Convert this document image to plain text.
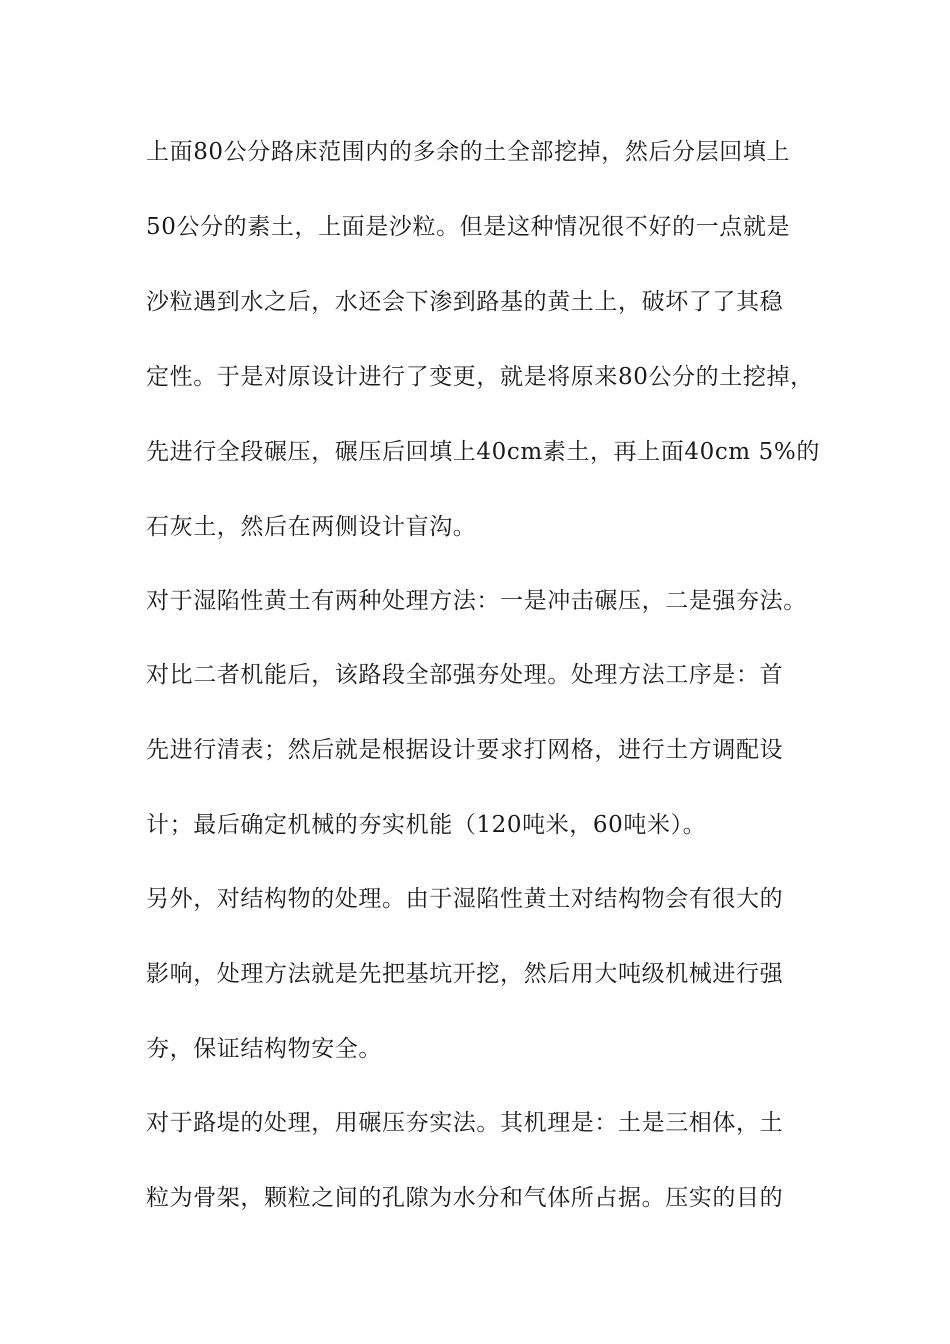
上面80公分路床范围内的多余的土全部挖掉，然后分层回填上
50公分的素土，上面是沙粒。但是这种情况很不好的一点就是
沙粒遇到水之后，水还会下渗到路基的黄土上，破坏了了其稳
定性。于是对原设计进行了变更，就是将原来80公分的土挖掉，
先进行全段碾压，碾压后回填上40cm素土，再上面40cm 5%的
石灰土，然后在两侧设计盲沟。
对于湿陷性黄土有两种处理方法：一是冲击碾压，二是强夯法。
对比二者机能后，该路段全部强夯处理。处理方法工序是：首
先进行清表；然后就是根据设计要求打网格，进行土方调配设
计；最后确定机械的夯实机能（120吨米，60吨米）。
另外，对结构物的处理。由于湿陷性黄土对结构物会有很大的
影响，处理方法就是先把基坑开挖，然后用大吨级机械进行强
夯，保证结构物安全。
对于路堤的处理，用碾压夯实法。其机理是：土是三相体，土
粒为骨架，颗粒之间的孔隙为水分和气体所占据。压实的目的
